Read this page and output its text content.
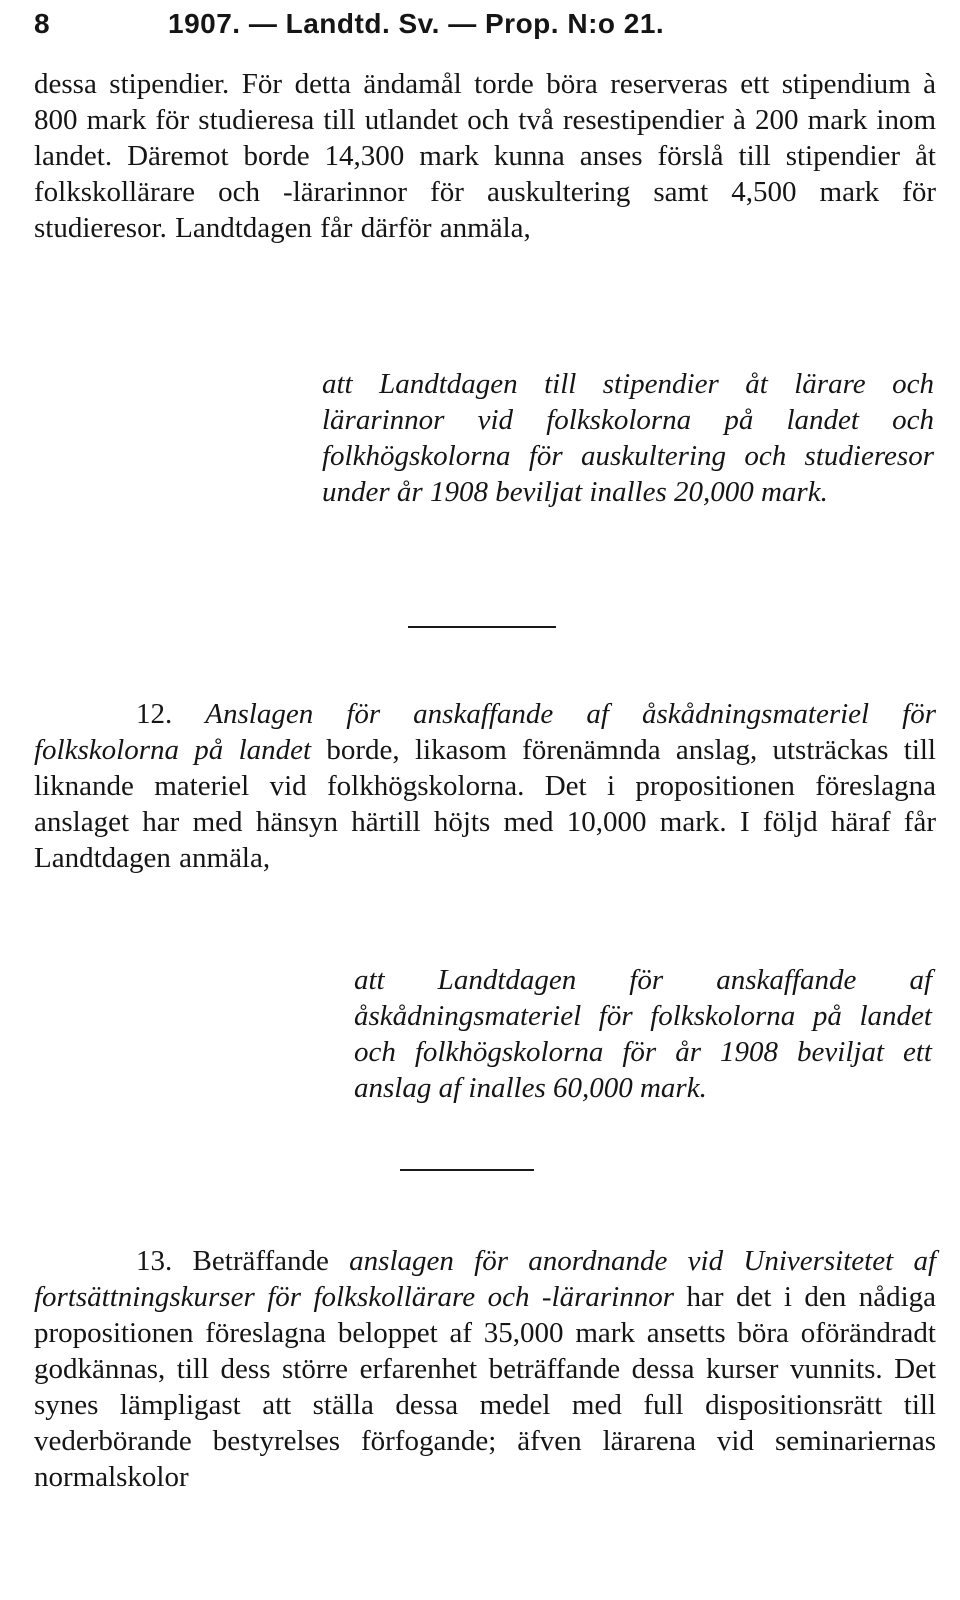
8	1907. — Landtd. Sv. — Prop. N:o 21.

dessa stipendier. För detta ändamål torde böra reserveras ett stipendium à 800 mark för studieresa till utlandet och två resestipendier à 200 mark inom landet. Däremot borde 14,300 mark kunna anses förslå till stipendier åt folkskollärare och -lärarinnor för auskultering samt 4,500 mark för studieresor. Landtdagen får därför anmäla,

att Landtdagen till stipendier åt lärare och lärarinnor vid folkskolorna på landet och folkhögskolorna för auskultering och studieresor under år 1908 beviljat inalles 20,000 mark.

12. Anslagen för anskaffande af åskådningsmateriel för folkskolorna på landet borde, likasom förenämnda anslag, utsträckas till liknande materiel vid folkhögskolorna. Det i propositionen föreslagna anslaget har med hänsyn härtill höjts med 10,000 mark. I följd häraf får Landtdagen anmäla,

att Landtdagen för anskaffande af åskådningsmateriel för folkskolorna på landet och folkhögskolorna för år 1908 beviljat ett anslag af inalles 60,000 mark.

13. Beträffande anslagen för anordnande vid Universitetet af fortsättningskurser för folkskollärare och -lärarinnor har det i den nådiga propositionen föreslagna beloppet af 35,000 mark ansetts böra oförändradt godkännas, till dess större erfarenhet beträffande dessa kurser vunnits. Det synes lämpligast att ställa dessa medel med full dispositionsrätt till vederbörande bestyrelses förfogande; äfven lärarena vid seminariernas normalskolor
